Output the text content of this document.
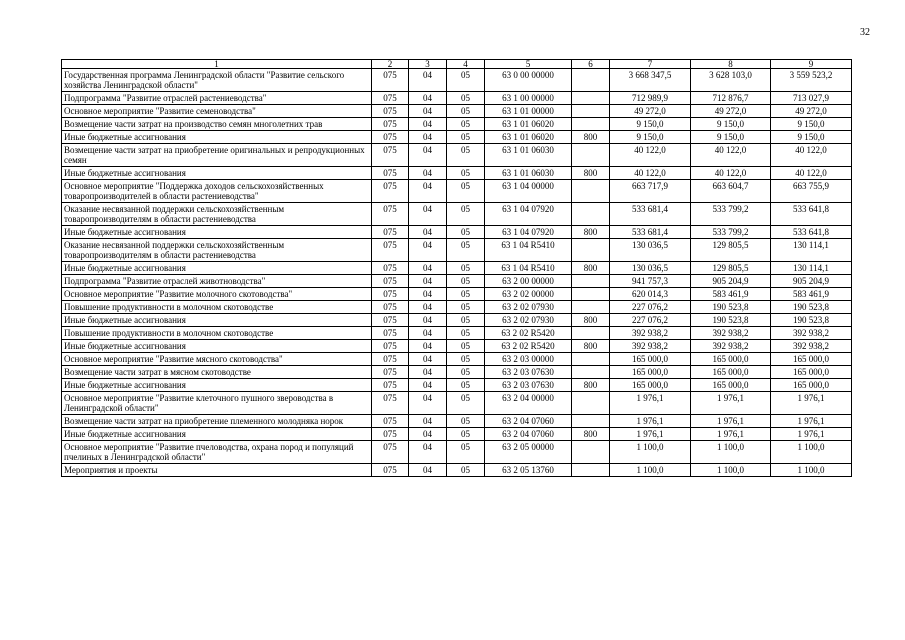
32
1	2	3	4	5	6	7	8	9
Государственная программа Ленинградской области "Развитие сельского хозяйства Ленинградской области"	075	04	05	63 0 00 00000		3 668 347,5	3 628 103,0	3 559 523,2
Подпрограмма "Развитие отраслей растениеводства"	075	04	05	63 1 00 00000		712 989,9	712 876,7	713 027,9
Основное мероприятие "Развитие семеноводства"	075	04	05	63 1 01 00000		49 272,0	49 272,0	49 272,0
Возмещение части затрат на производство семян многолетних трав	075	04	05	63 1 01 06020		9 150,0	9 150,0	9 150,0
Иные бюджетные ассигнования	075	04	05	63 1 01 06020	800	9 150,0	9 150,0	9 150,0
Возмещение части затрат на приобретение оригинальных и репродукционных семян	075	04	05	63 1 01 06030		40 122,0	40 122,0	40 122,0
Иные бюджетные ассигнования	075	04	05	63 1 01 06030	800	40 122,0	40 122,0	40 122,0
Основное мероприятие "Поддержка доходов сельскохозяйственных товаропроизводителей в области растениеводства"	075	04	05	63 1 04 00000		663 717,9	663 604,7	663 755,9
Оказание несвязанной поддержки сельскохозяйственным товаропроизводителям в области растениеводства	075	04	05	63 1 04 07920		533 681,4	533 799,2	533 641,8
Иные бюджетные ассигнования	075	04	05	63 1 04 07920	800	533 681,4	533 799,2	533 641,8
Оказание несвязанной поддержки сельскохозяйственным товаропроизводителям в области растениеводства	075	04	05	63 1 04 R5410		130 036,5	129 805,5	130 114,1
Иные бюджетные ассигнования	075	04	05	63 1 04 R5410	800	130 036,5	129 805,5	130 114,1
Подпрограмма "Развитие отраслей животноводства"	075	04	05	63 2 00 00000		941 757,3	905 204,9	905 204,9
Основное мероприятие "Развитие молочного скотоводства"	075	04	05	63 2 02 00000		620 014,3	583 461,9	583 461,9
Повышение продуктивности в молочном скотоводстве	075	04	05	63 2 02 07930		227 076,2	190 523,8	190 523,8
Иные бюджетные ассигнования	075	04	05	63 2 02 07930	800	227 076,2	190 523,8	190 523,8
Повышение продуктивности в молочном скотоводстве	075	04	05	63 2 02 R5420		392 938,2	392 938,2	392 938,2
Иные бюджетные ассигнования	075	04	05	63 2 02 R5420	800	392 938,2	392 938,2	392 938,2
Основное мероприятие "Развитие мясного скотоводства"	075	04	05	63 2 03 00000		165 000,0	165 000,0	165 000,0
Возмещение части затрат в мясном скотоводстве	075	04	05	63 2 03 07630		165 000,0	165 000,0	165 000,0
Иные бюджетные ассигнования	075	04	05	63 2 03 07630	800	165 000,0	165 000,0	165 000,0
Основное мероприятие "Развитие клеточного пушного звероводства в Ленинградской области"	075	04	05	63 2 04 00000		1 976,1	1 976,1	1 976,1
Возмещение части затрат на приобретение племенного молодняка норок	075	04	05	63 2 04 07060		1 976,1	1 976,1	1 976,1
Иные бюджетные ассигнования	075	04	05	63 2 04 07060	800	1 976,1	1 976,1	1 976,1
Основное мероприятие "Развитие пчеловодства, охрана пород и популяций пчелиных в Ленинградской области"	075	04	05	63 2 05 00000		1 100,0	1 100,0	1 100,0
Мероприятия и проекты	075	04	05	63 2 05 13760		1 100,0	1 100,0	1 100,0
